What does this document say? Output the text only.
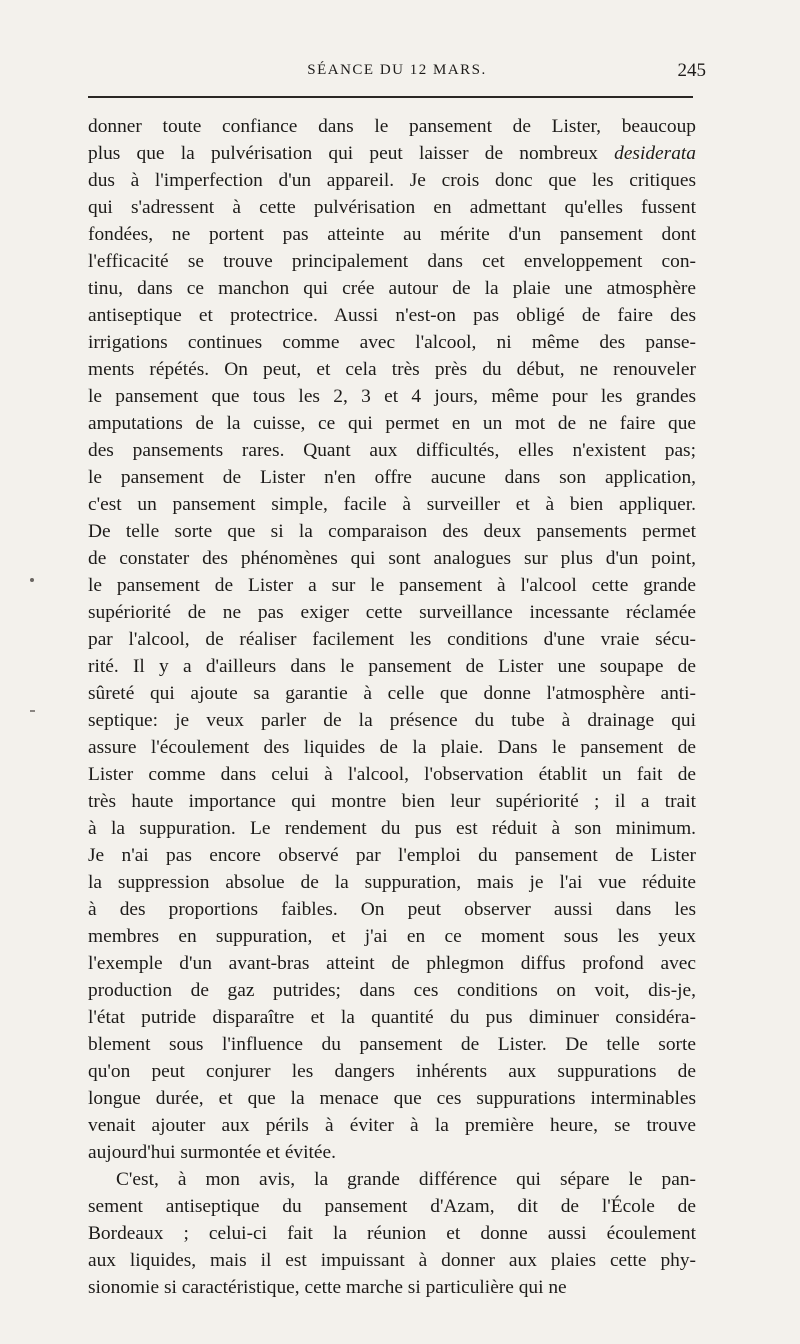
SÉANCE DU 12 MARS.	245
donner toute confiance dans le pansement de Lister, beaucoup
plus que la pulvérisation qui peut laisser de nombreux desiderata
dus à l'imperfection d'un appareil. Je crois donc que les critiques
qui s'adressent à cette pulvérisation en admettant qu'elles fussent
fondées, ne portent pas atteinte au mérite d'un pansement dont
l'efficacité se trouve principalement dans cet enveloppement con-
tinu, dans ce manchon qui crée autour de la plaie une atmosphère
antiseptique et protectrice. Aussi n'est-on pas obligé de faire des
irrigations continues comme avec l'alcool, ni même des panse-
ments répétés. On peut, et cela très près du début, ne renouveler
le pansement que tous les 2, 3 et 4 jours, même pour les grandes
amputations de la cuisse, ce qui permet en un mot de ne faire que
des pansements rares. Quant aux difficultés, elles n'existent pas;
le pansement de Lister n'en offre aucune dans son application,
c'est un pansement simple, facile à surveiller et à bien appliquer.
De telle sorte que si la comparaison des deux pansements permet
de constater des phénomènes qui sont analogues sur plus d'un point,
le pansement de Lister a sur le pansement à l'alcool cette grande
supériorité de ne pas exiger cette surveillance incessante réclamée
par l'alcool, de réaliser facilement les conditions d'une vraie sécu-
rité. Il y a d'ailleurs dans le pansement de Lister une soupape de
sûreté qui ajoute sa garantie à celle que donne l'atmosphère anti-
septique: je veux parler de la présence du tube à drainage qui
assure l'écoulement des liquides de la plaie. Dans le pansement de
Lister comme dans celui à l'alcool, l'observation établit un fait de
très haute importance qui montre bien leur supériorité ; il a trait
à la suppuration. Le rendement du pus est réduit à son minimum.
Je n'ai pas encore observé par l'emploi du pansement de Lister
la suppression absolue de la suppuration, mais je l'ai vue réduite
à des proportions faibles. On peut observer aussi dans les
membres en suppuration, et j'ai en ce moment sous les yeux
l'exemple d'un avant-bras atteint de phlegmon diffus profond avec
production de gaz putrides; dans ces conditions on voit, dis-je,
l'état putride disparaître et la quantité du pus diminuer considéra-
blement sous l'influence du pansement de Lister. De telle sorte
qu'on peut conjurer les dangers inhérents aux suppurations de
longue durée, et que la menace que ces suppurations interminables
venait ajouter aux périls à éviter à la première heure, se trouve
aujourd'hui surmontée et évitée.
C'est, à mon avis, la grande différence qui sépare le pan-
sement antiseptique du pansement d'Azam, dit de l'École de
Bordeaux ; celui-ci fait la réunion et donne aussi écoulement
aux liquides, mais il est impuissant à donner aux plaies cette phy-
sionomie si caractéristique, cette marche si particulière qui ne
